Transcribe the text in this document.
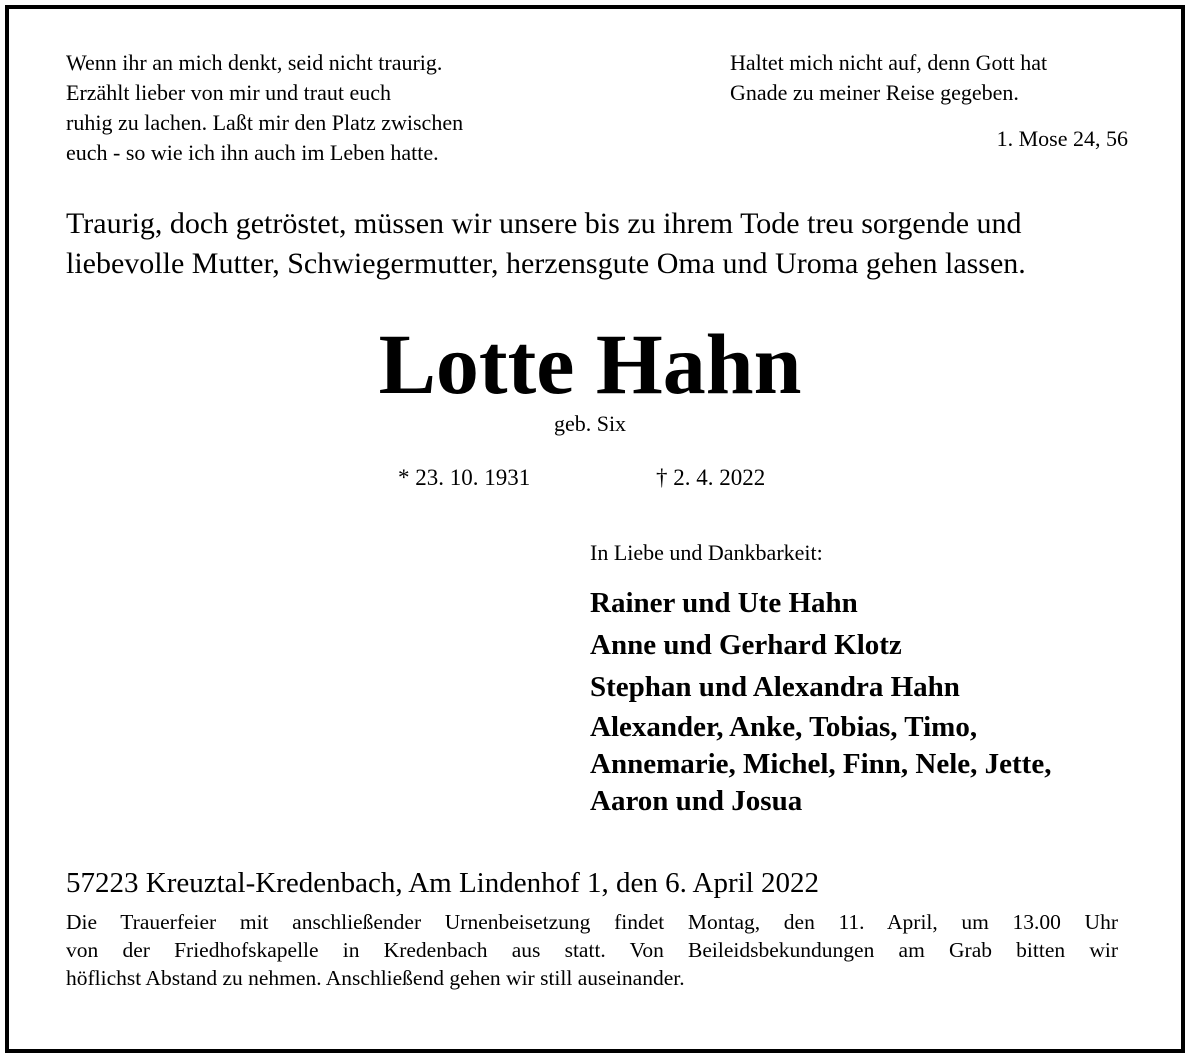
Wenn ihr an mich denkt, seid nicht traurig.
Erzählt lieber von mir und traut euch
ruhig zu lachen. Laßt mir den Platz zwischen
euch - so wie ich ihn auch im Leben hatte.
Haltet mich nicht auf, denn Gott hat
Gnade zu meiner Reise gegeben.
1. Mose 24, 56
Traurig, doch getröstet, müssen wir unsere bis zu ihrem Tode treu sorgende und
liebevolle Mutter, Schwiegermutter, herzensgute Oma und Uroma gehen lassen.
Lotte Hahn
geb. Six
* 23. 10. 1931	† 2. 4. 2022
In Liebe und Dankbarkeit:
Rainer und Ute Hahn
Anne und Gerhard Klotz
Stephan und Alexandra Hahn
Alexander, Anke, Tobias, Timo,
Annemarie, Michel, Finn, Nele, Jette,
Aaron und Josua
57223 Kreuztal-Kredenbach, Am Lindenhof 1, den 6. April 2022
Die Trauerfeier mit anschließender Urnenbeisetzung findet Montag, den 11. April, um 13.00 Uhr
von der Friedhofskapelle in Kredenbach aus statt. Von Beileidsbekundungen am Grab bitten wir
höflichst Abstand zu nehmen. Anschließend gehen wir still auseinander.
